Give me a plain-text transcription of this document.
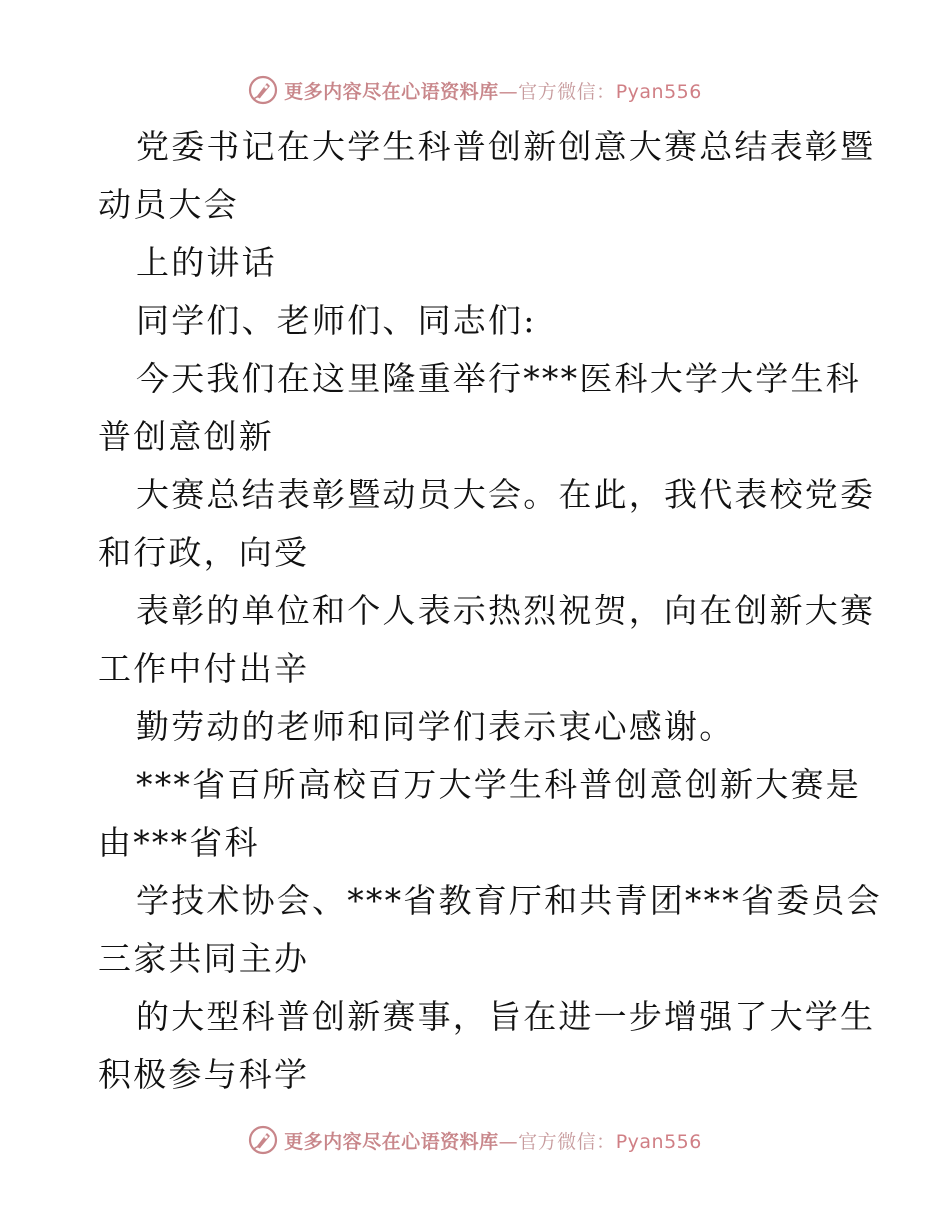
更多内容尽在心语资料库—官方微信：Pyan556

党委书记在大学生科普创新创意大赛总结表彰暨

动员大会

上的讲话

同学们、老师们、同志们:

今天我们在这里隆重举行***医科大学大学生科

普创意创新

大赛总结表彰暨动员大会。在此，我代表校党委

和行政，向受

表彰的单位和个人表示热烈祝贺，向在创新大赛

工作中付出辛

勤劳动的老师和同学们表示衷心感谢。

***省百所高校百万大学生科普创意创新大赛是

由***省科

学技术协会、***省教育厅和共青团***省委员会

三家共同主办

的大型科普创新赛事，旨在进一步增强了大学生

积极参与科学

更多内容尽在心语资料库—官方微信：Pyan556
